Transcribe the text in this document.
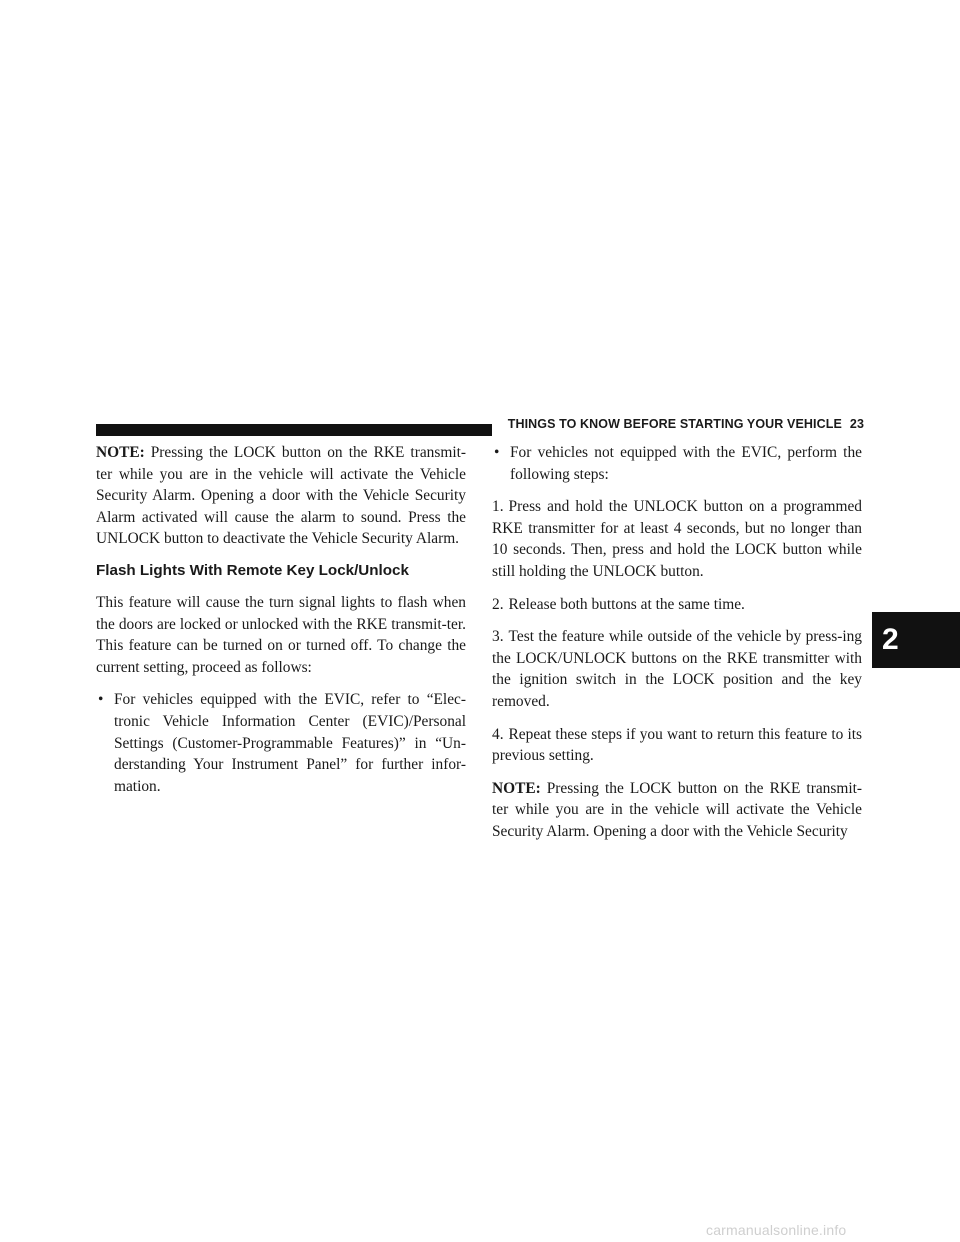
THINGS TO KNOW BEFORE STARTING YOUR VEHICLE 23
2

NOTE: Pressing the LOCK button on the RKE transmit-ter while you are in the vehicle will activate the Vehicle Security Alarm. Opening a door with the Vehicle Security Alarm activated will cause the alarm to sound. Press the UNLOCK button to deactivate the Vehicle Security Alarm.

Flash Lights With Remote Key Lock/Unlock

This feature will cause the turn signal lights to flash when the doors are locked or unlocked with the RKE transmit-ter. This feature can be turned on or turned off. To change the current setting, proceed as follows:

• For vehicles equipped with the EVIC, refer to “Elec-tronic Vehicle Information Center (EVIC)/Personal Settings (Customer-Programmable Features)” in “Un-derstanding Your Instrument Panel” for further infor-mation.
• For vehicles not equipped with the EVIC, perform the following steps:

1. Press and hold the UNLOCK button on a programmed RKE transmitter for at least 4 seconds, but no longer than 10 seconds. Then, press and hold the LOCK button while still holding the UNLOCK button.

2. Release both buttons at the same time.

3. Test the feature while outside of the vehicle by press-ing the LOCK/UNLOCK buttons on the RKE transmitter with the ignition switch in the LOCK position and the key removed.

4. Repeat these steps if you want to return this feature to its previous setting.

NOTE: Pressing the LOCK button on the RKE transmit-ter while you are in the vehicle will activate the Vehicle Security Alarm. Opening a door with the Vehicle Security

carmanualsonline.info
